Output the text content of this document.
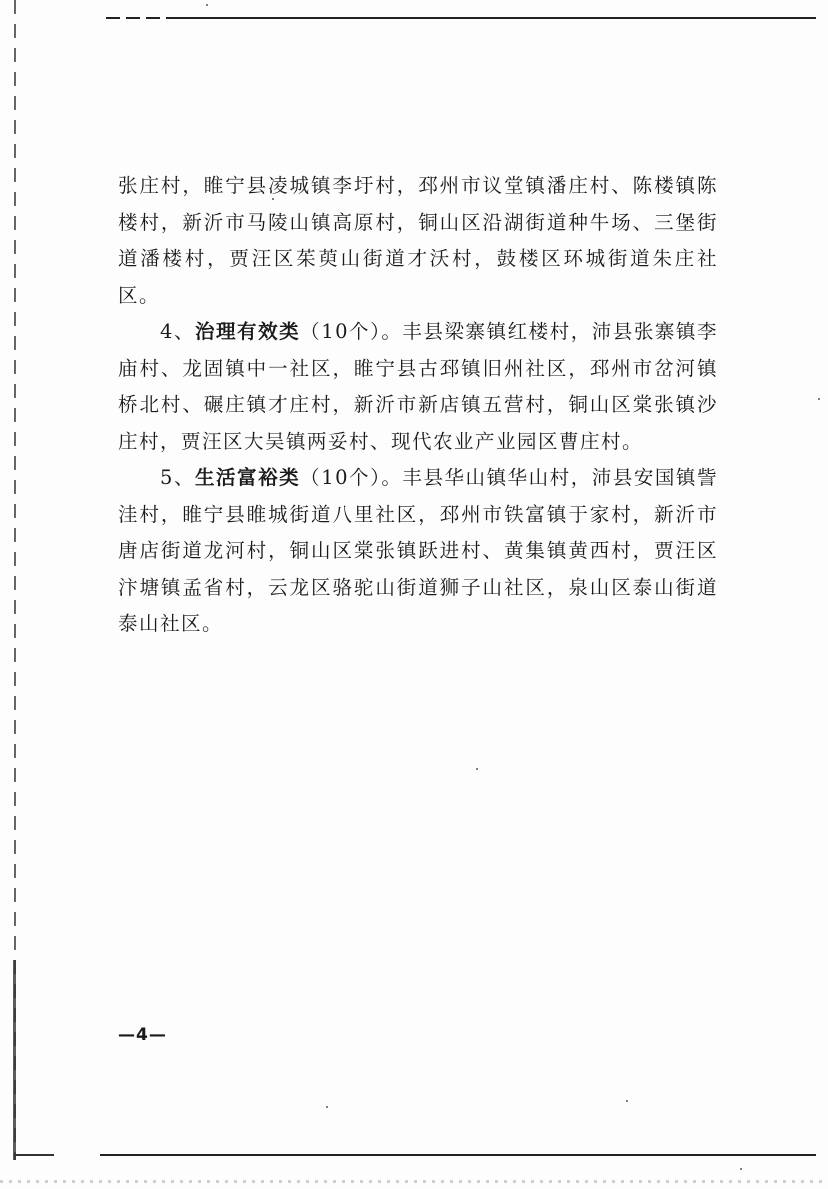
张庄村，睢宁县凌城镇李圩村，邳州市议堂镇潘庄村、陈楼镇陈楼村，新沂市马陵山镇高原村，铜山区沿湖街道种牛场、三堡街道潘楼村，贾汪区茱萸山街道才沃村，鼓楼区环城街道朱庄社区。

4、治理有效类（10个）。丰县梁寨镇红楼村，沛县张寨镇李庙村、龙固镇中一社区，睢宁县古邳镇旧州社区，邳州市岔河镇桥北村、碾庄镇才庄村，新沂市新店镇五营村，铜山区棠张镇沙庄村，贾汪区大吴镇两妥村、现代农业产业园区曹庄村。

5、生活富裕类（10个）。丰县华山镇华山村，沛县安国镇訾洼村，睢宁县睢城街道八里社区，邳州市铁富镇于家村，新沂市唐店街道龙河村，铜山区棠张镇跃进村、黄集镇黄西村，贾汪区汴塘镇孟省村，云龙区骆驼山街道狮子山社区，泉山区泰山街道泰山社区。

—4—
